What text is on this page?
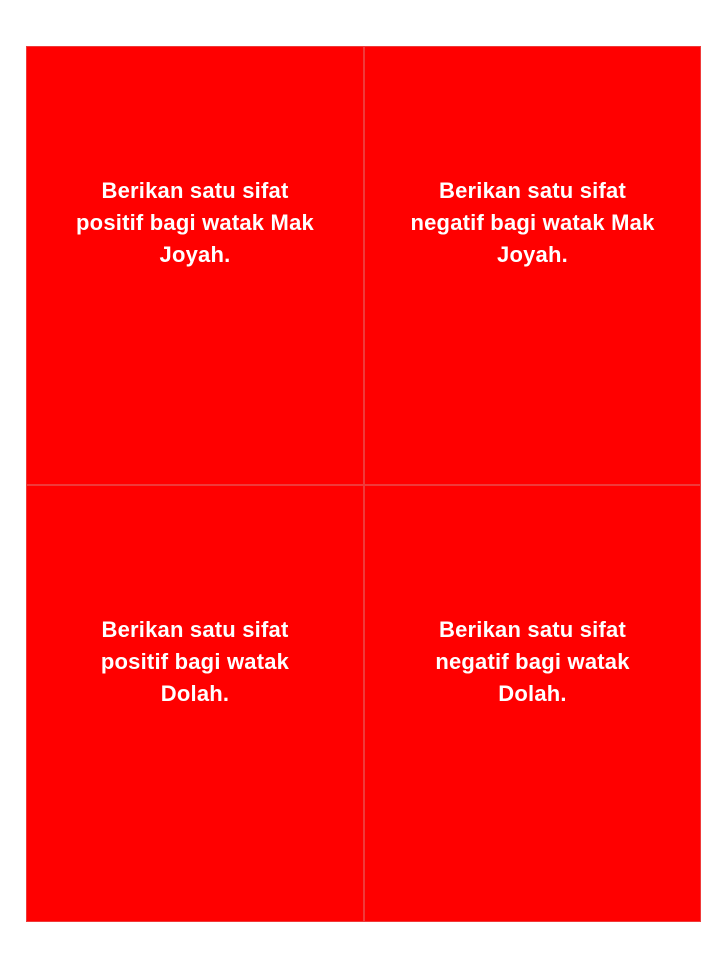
Berikan satu sifat
positif bagi watak Mak
Joyah.

Berikan satu sifat
negatif bagi watak Mak
Joyah.

Berikan satu sifat
positif bagi watak
Dolah.

Berikan satu sifat
negatif bagi watak
Dolah.
